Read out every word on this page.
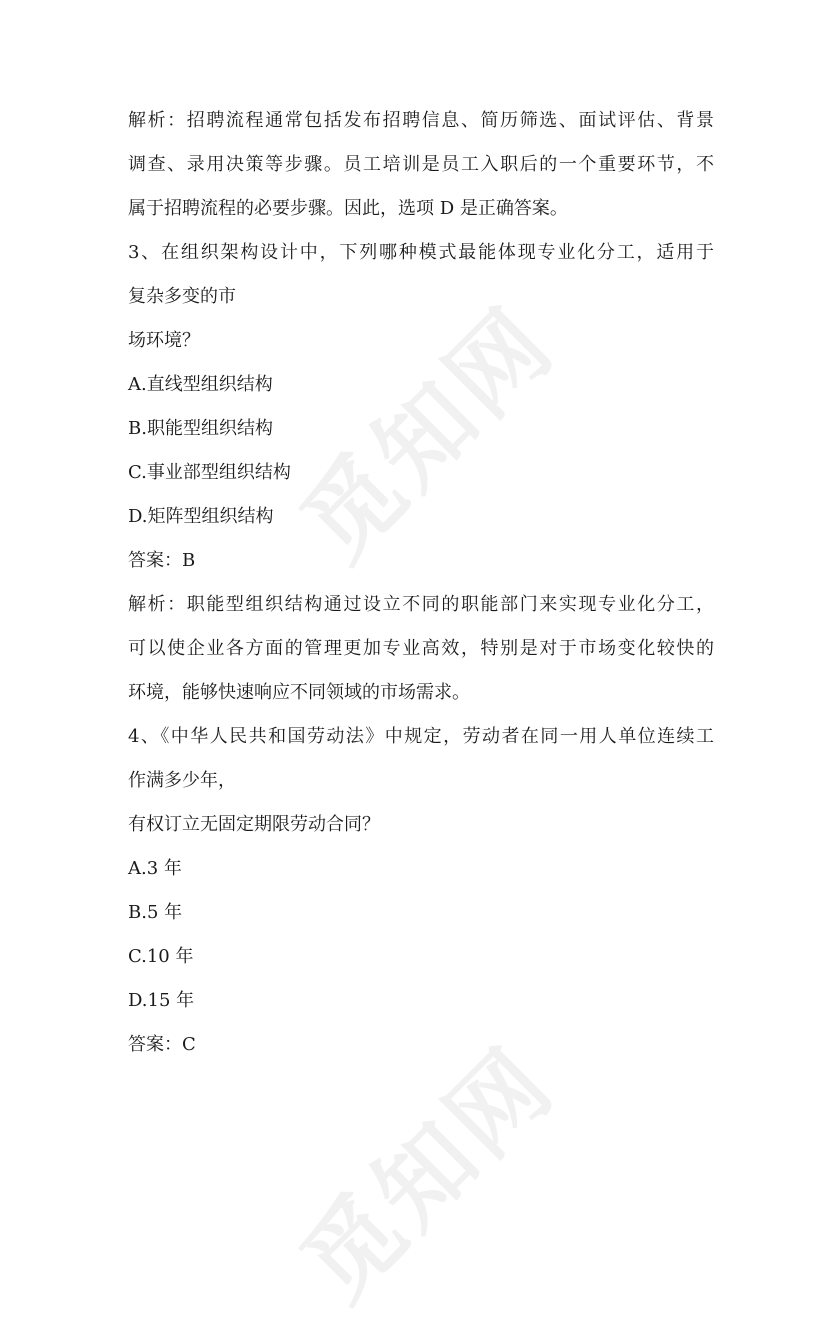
觅知网
觅知网
解析：招聘流程通常包括发布招聘信息、简历筛选、面试评估、背景
调查、录用决策等步骤。员工培训是员工入职后的一个重要环节，不
属于招聘流程的必要步骤。因此，选项 D 是正确答案。
3、在组织架构设计中，下列哪种模式最能体现专业化分工，适用于
复杂多变的市
场环境？
A.直线型组织结构
B.职能型组织结构
C.事业部型组织结构
D.矩阵型组织结构
答案：B
解析：职能型组织结构通过设立不同的职能部门来实现专业化分工，
可以使企业各方面的管理更加专业高效，特别是对于市场变化较快的
环境，能够快速响应不同领域的市场需求。
4、《中华人民共和国劳动法》中规定，劳动者在同一用人单位连续工
作满多少年，
有权订立无固定期限劳动合同？
A.3 年
B.5 年
C.10 年
D.15 年
答案：C
